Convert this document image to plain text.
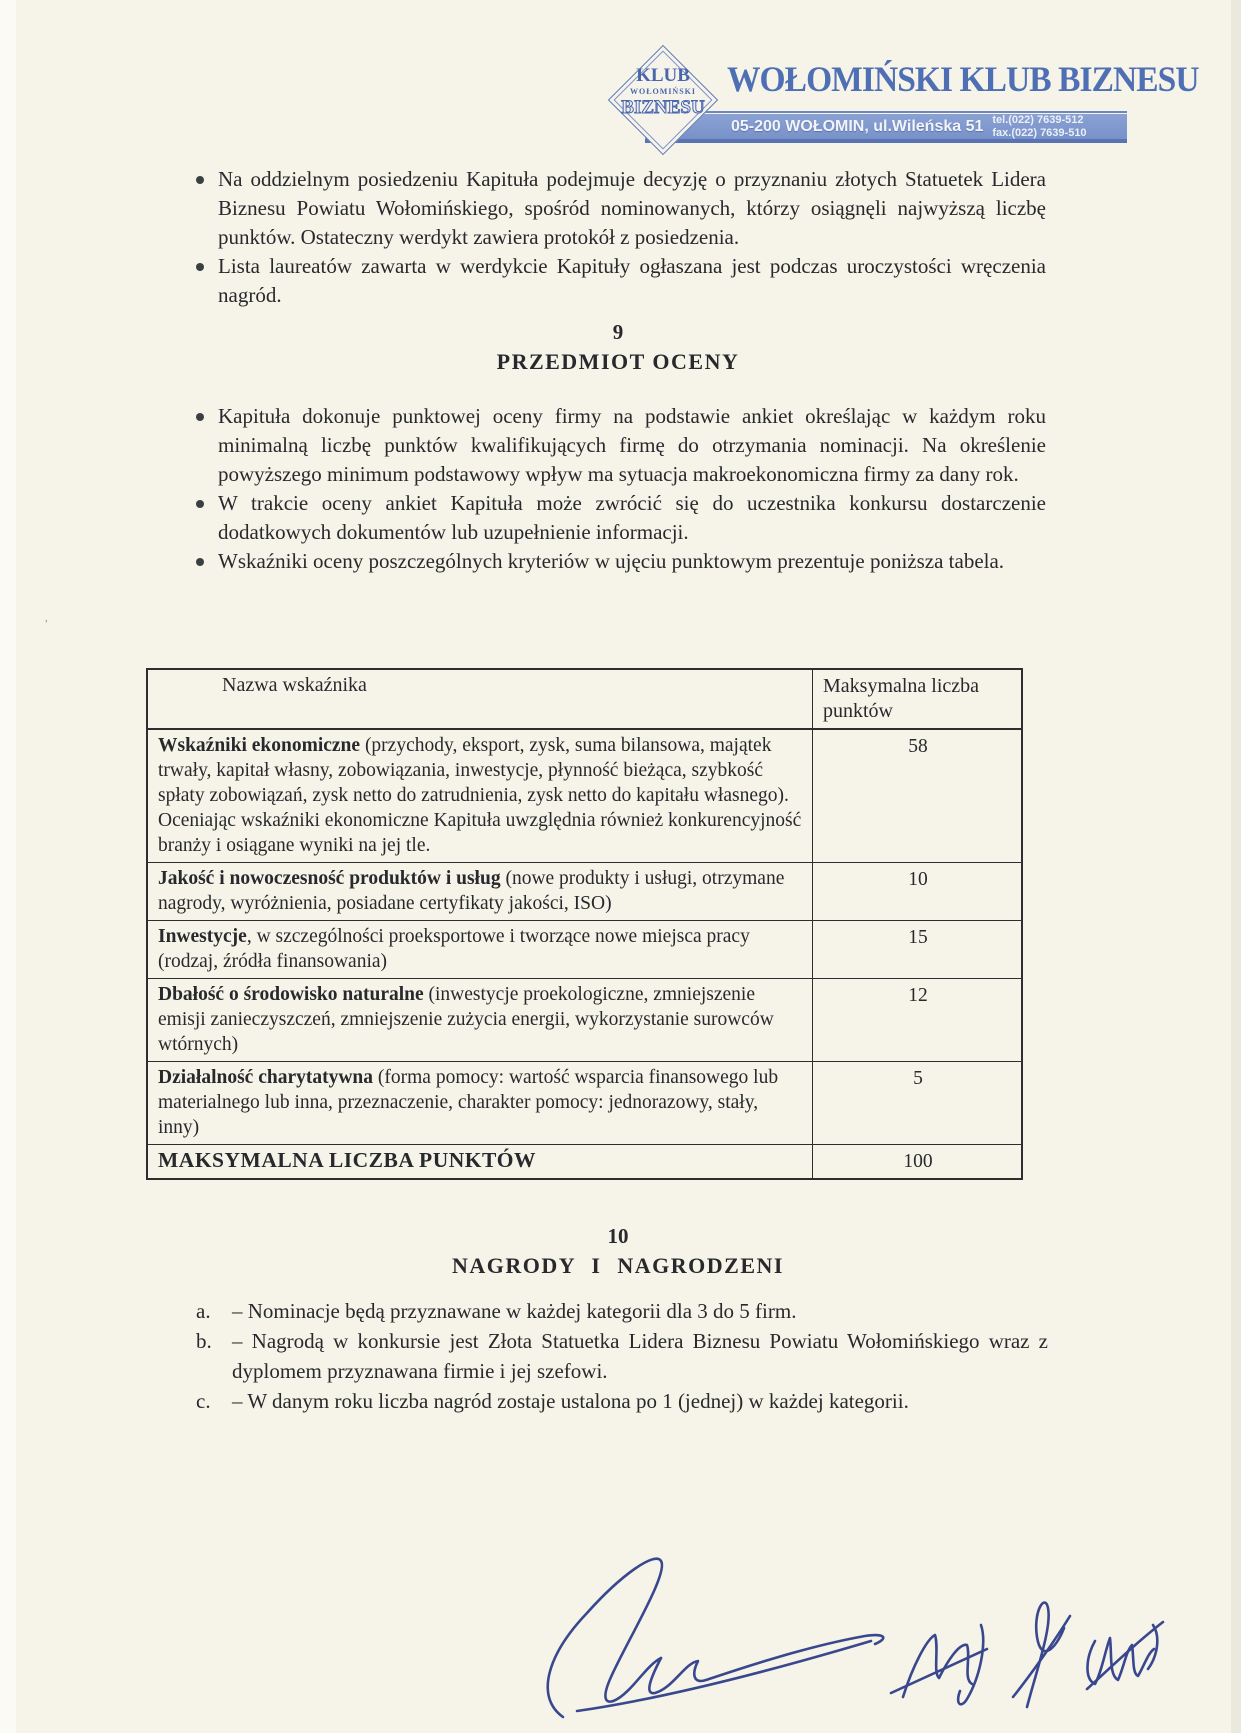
WOŁOMIŃSKI KLUB BIZNESU
05-200 WOŁOMIN, ul.Wileńska 51 tel.(022) 7639-512
fax.(022) 7639-510
KLUB
WOŁOMIŃSKI
BIZNESU
Na oddzielnym posiedzeniu Kapituła podejmuje decyzję o przyznaniu złotych Statuetek Lidera Biznesu Powiatu Wołomińskiego, spośród nominowanych, którzy osiągnęli najwyższą liczbę punktów. Ostateczny werdykt zawiera protokół z posiedzenia.
Lista laureatów zawarta w werdykcie Kapituły ogłaszana jest podczas uroczystości wręczenia nagród.
9
PRZEDMIOT OCENY
Kapituła dokonuje punktowej oceny firmy na podstawie ankiet określając w każdym roku minimalną liczbę punktów kwalifikujących firmę do otrzymania nominacji. Na określenie powyższego minimum podstawowy wpływ ma sytuacja makroekonomiczna firmy za dany rok.
W trakcie oceny ankiet Kapituła może zwrócić się do uczestnika konkursu dostarczenie dodatkowych dokumentów lub uzupełnienie informacji.
Wskaźniki oceny poszczególnych kryteriów w ujęciu punktowym prezentuje poniższa tabela.
,
Nazwa wskaźnika	Maksymalna liczba punktów
Wskaźniki ekonomiczne (przychody, eksport, zysk, suma bilansowa, majątek trwały, kapitał własny, zobowiązania, inwestycje, płynność bieżąca, szybkość spłaty zobowiązań, zysk netto do zatrudnienia, zysk netto do kapitału własnego). Oceniając wskaźniki ekonomiczne Kapituła uwzględnia również konkurencyjność branży i osiągane wyniki na jej tle.
58
Jakość i nowoczesność produktów i usług (nowe produkty i usługi, otrzymane nagrody, wyróżnienia, posiadane certyfikaty jakości, ISO)
10
Inwestycje, w szczególności proeksportowe i tworzące nowe miejsca pracy (rodzaj, źródła finansowania)
15
Dbałość o środowisko naturalne (inwestycje proekologiczne, zmniejszenie emisji zanieczyszczeń, zmniejszenie zużycia energii, wykorzystanie surowców wtórnych)
12
Działalność charytatywna (forma pomocy: wartość wsparcia finansowego lub materialnego lub inna, przeznaczenie, charakter pomocy: jednorazowy, stały, inny)
5
MAKSYMALNA LICZBA PUNKTÓW	100
10
NAGRODY I NAGRODZENI
a.	– Nominacje będą przyznawane w każdej kategorii dla 3 do 5 firm.
b. – Nagrodą w konkursie jest Złota Statuetka Lidera Biznesu Powiatu Wołomińskiego wraz z dyplomem przyznawana firmie i jej szefowi.
c.	– W danym roku liczba nagród zostaje ustalona po 1 (jednej) w każdej kategorii.
